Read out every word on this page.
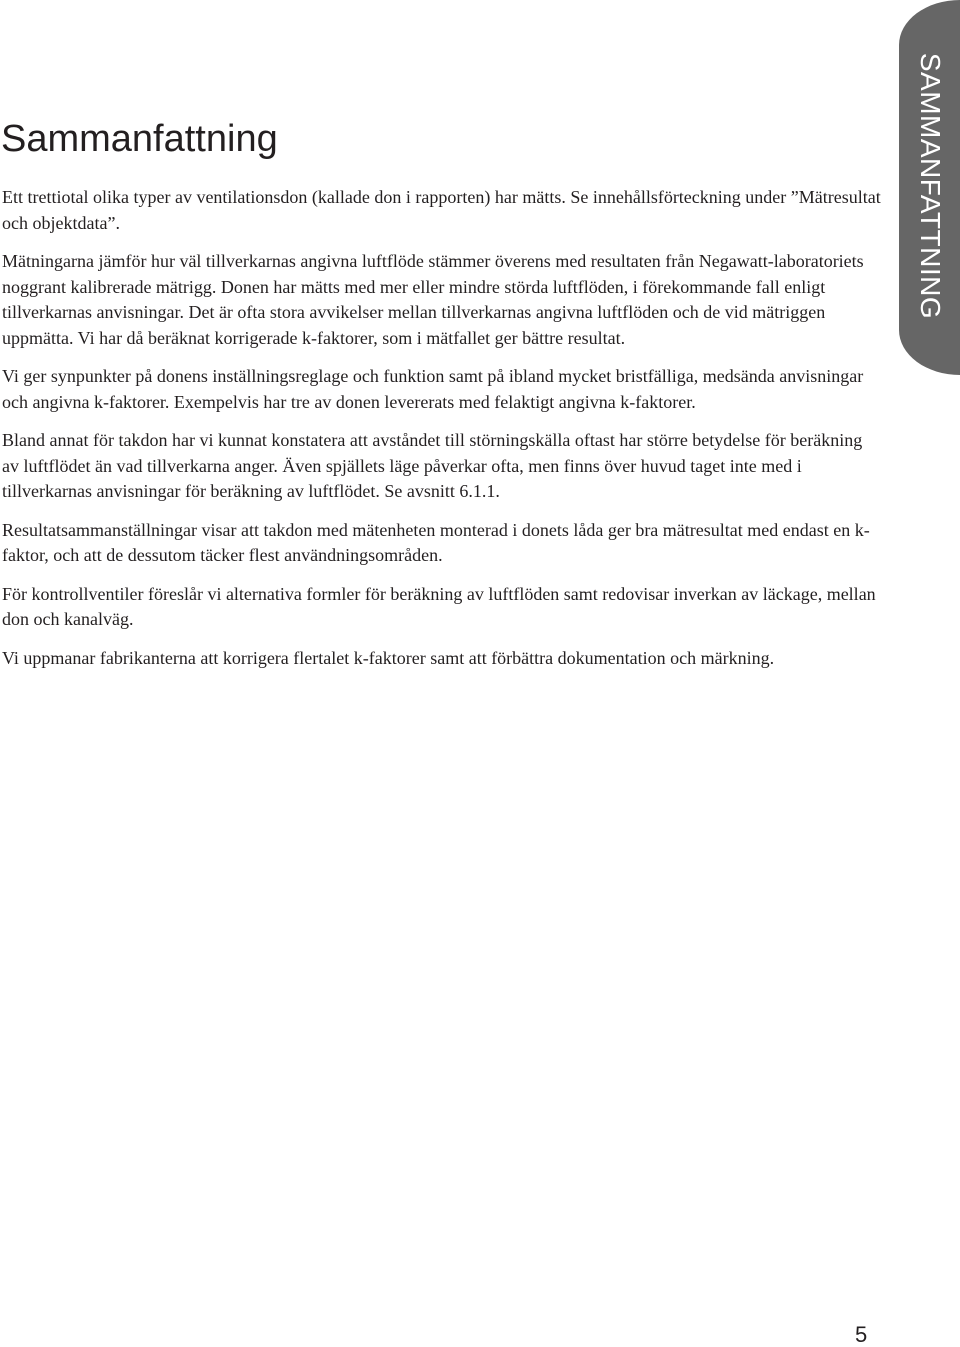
Sammanfattning

Ett trettiotal olika typer av ventilationsdon (kallade don i rapporten) har mätts. Se innehållsförteckning under ”Mätresultat och objektdata”.

Mätningarna jämför hur väl tillverkarnas angivna luftflöde stämmer överens med resultaten från Negawatt-laboratoriets noggrant kalibrerade mätrigg. Donen har mätts med mer eller mindre störda luftflöden, i förekommande fall enligt tillverkarnas anvisningar. Det är ofta stora avvikelser mellan tillverkarnas angivna luftflöden och de vid mätriggen uppmätta. Vi har då beräknat korrigerade k-faktorer, som i mätfallet ger bättre resultat.

Vi ger synpunkter på donens inställningsreglage och funktion samt på ibland mycket bristfälliga, medsända anvisningar och angivna k-faktorer. Exempelvis har tre av donen levererats med felaktigt angivna k-faktorer.

Bland annat för takdon har vi kunnat konstatera att avståndet till störningskälla oftast har större betydelse för beräkning av luftflödet än vad tillverkarna anger. Även spjällets läge påverkar ofta, men finns över huvud taget inte med i tillverkarnas anvisningar för beräkning av luftflödet. Se avsnitt 6.1.1.

Resultatsammanställningar visar att takdon med mätenheten monterad i donets låda ger bra mätresultat med endast en k-faktor, och att de dessutom täcker flest användningsområden.

För kontrollventiler föreslår vi alternativa formler för beräkning av luftflöden samt redovisar inverkan av läckage, mellan don och kanalväg.

Vi uppmanar fabrikanterna att korrigera flertalet k-faktorer samt att förbättra dokumentation och märkning.

SAMMANFATTNING
5
